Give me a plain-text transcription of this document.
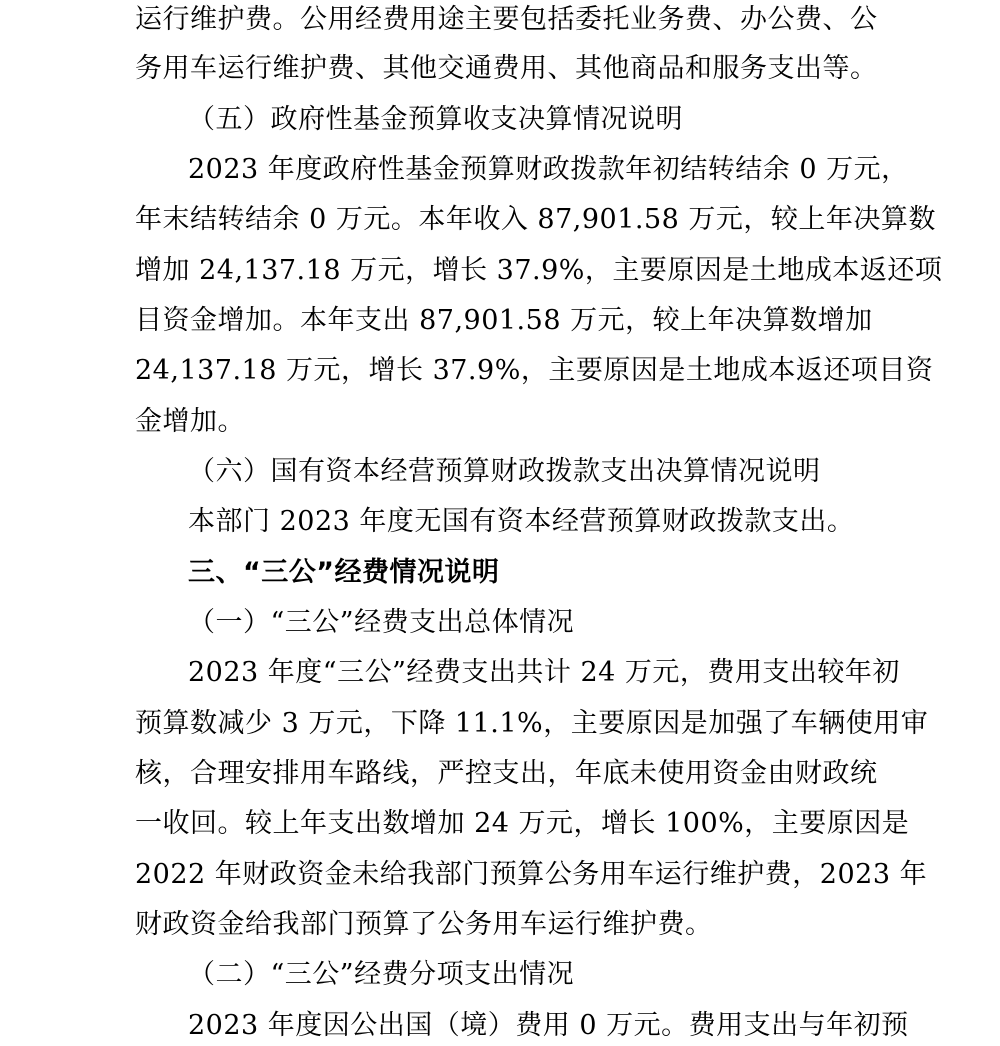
运行维护费。公用经费用途主要包括委托业务费、办公费、公
务用车运行维护费、其他交通费用、其他商品和服务支出等。
（五）政府性基金预算收支决算情况说明
2023 年度政府性基金预算财政拨款年初结转结余 0 万元，
年末结转结余 0 万元。本年收入 87,901.58 万元，较上年决算数
增加 24,137.18 万元，增长 37.9%，主要原因是土地成本返还项
目资金增加。本年支出 87,901.58 万元，较上年决算数增加
24,137.18 万元，增长 37.9%，主要原因是土地成本返还项目资
金增加。
（六）国有资本经营预算财政拨款支出决算情况说明
本部门 2023 年度无国有资本经营预算财政拨款支出。
三、“三公”经费情况说明
（一）“三公”经费支出总体情况
2023 年度“三公”经费支出共计 24 万元，费用支出较年初
预算数减少 3 万元，下降 11.1%，主要原因是加强了车辆使用审
核，合理安排用车路线，严控支出，年底未使用资金由财政统
一收回。较上年支出数增加 24 万元，增长 100%，主要原因是
2022 年财政资金未给我部门预算公务用车运行维护费，2023 年
财政资金给我部门预算了公务用车运行维护费。
（二）“三公”经费分项支出情况
2023 年度因公出国（境）费用 0 万元。费用支出与年初预
